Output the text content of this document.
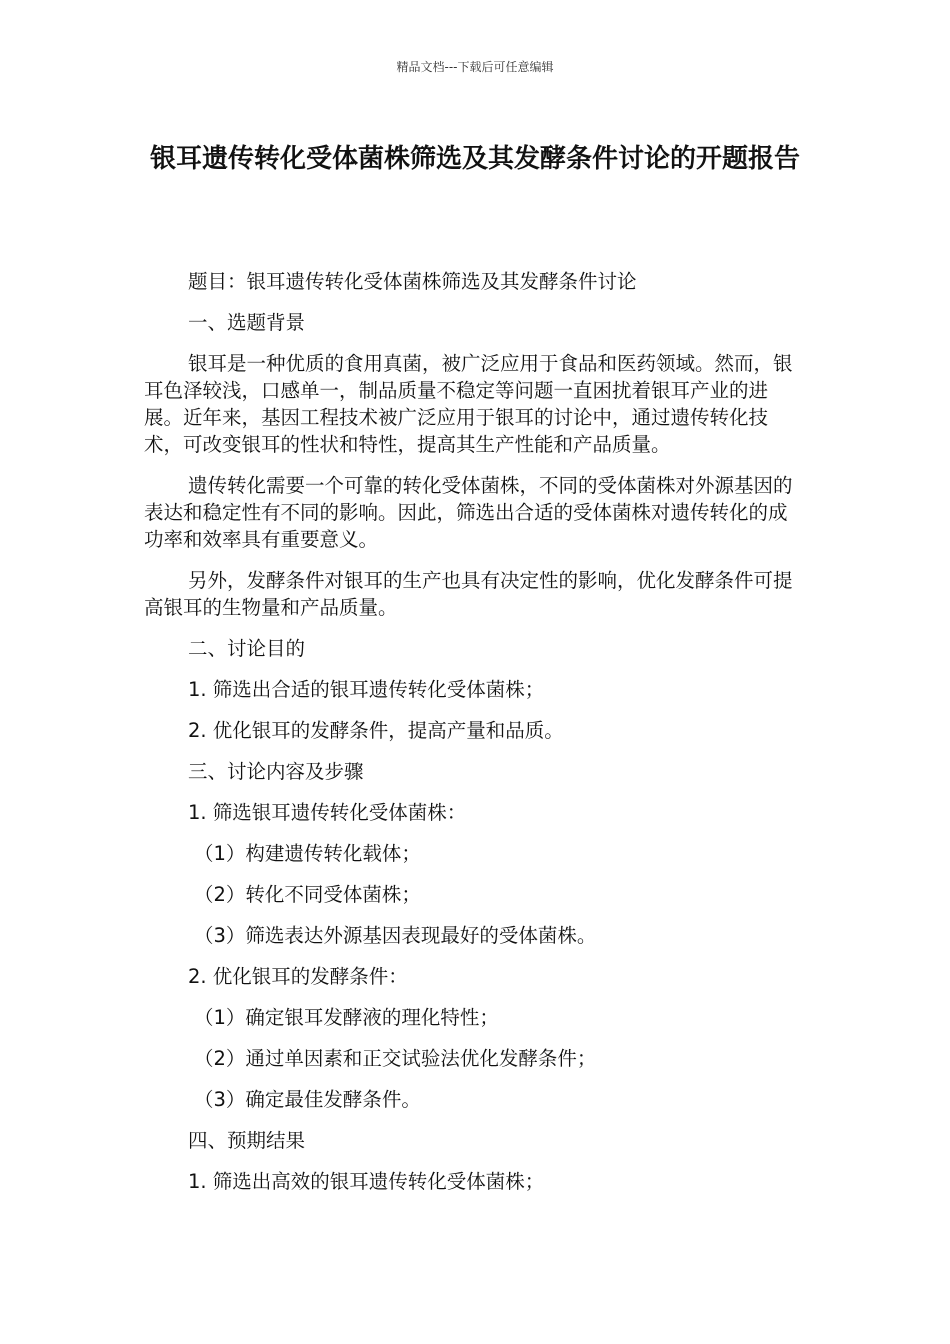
精品文档---下载后可任意编辑
银耳遗传转化受体菌株筛选及其发酵条件讨论的开题报告

题目：银耳遗传转化受体菌株筛选及其发酵条件讨论

一、选题背景

银耳是一种优质的食用真菌，被广泛应用于食品和医药领域。然而，银耳色泽较浅，口感单一，制品质量不稳定等问题一直困扰着银耳产业的进展。近年来，基因工程技术被广泛应用于银耳的讨论中，通过遗传转化技术，可改变银耳的性状和特性，提高其生产性能和产品质量。

遗传转化需要一个可靠的转化受体菌株，不同的受体菌株对外源基因的表达和稳定性有不同的影响。因此，筛选出合适的受体菌株对遗传转化的成功率和效率具有重要意义。

另外，发酵条件对银耳的生产也具有决定性的影响，优化发酵条件可提高银耳的生物量和产品质量。

二、讨论目的

1. 筛选出合适的银耳遗传转化受体菌株；

2. 优化银耳的发酵条件，提高产量和品质。

三、讨论内容及步骤

1. 筛选银耳遗传转化受体菌株：

（1）构建遗传转化载体；

（2）转化不同受体菌株；

（3）筛选表达外源基因表现最好的受体菌株。

2. 优化银耳的发酵条件：

（1）确定银耳发酵液的理化特性；

（2）通过单因素和正交试验法优化发酵条件；

（3）确定最佳发酵条件。

四、预期结果

1. 筛选出高效的银耳遗传转化受体菌株；
